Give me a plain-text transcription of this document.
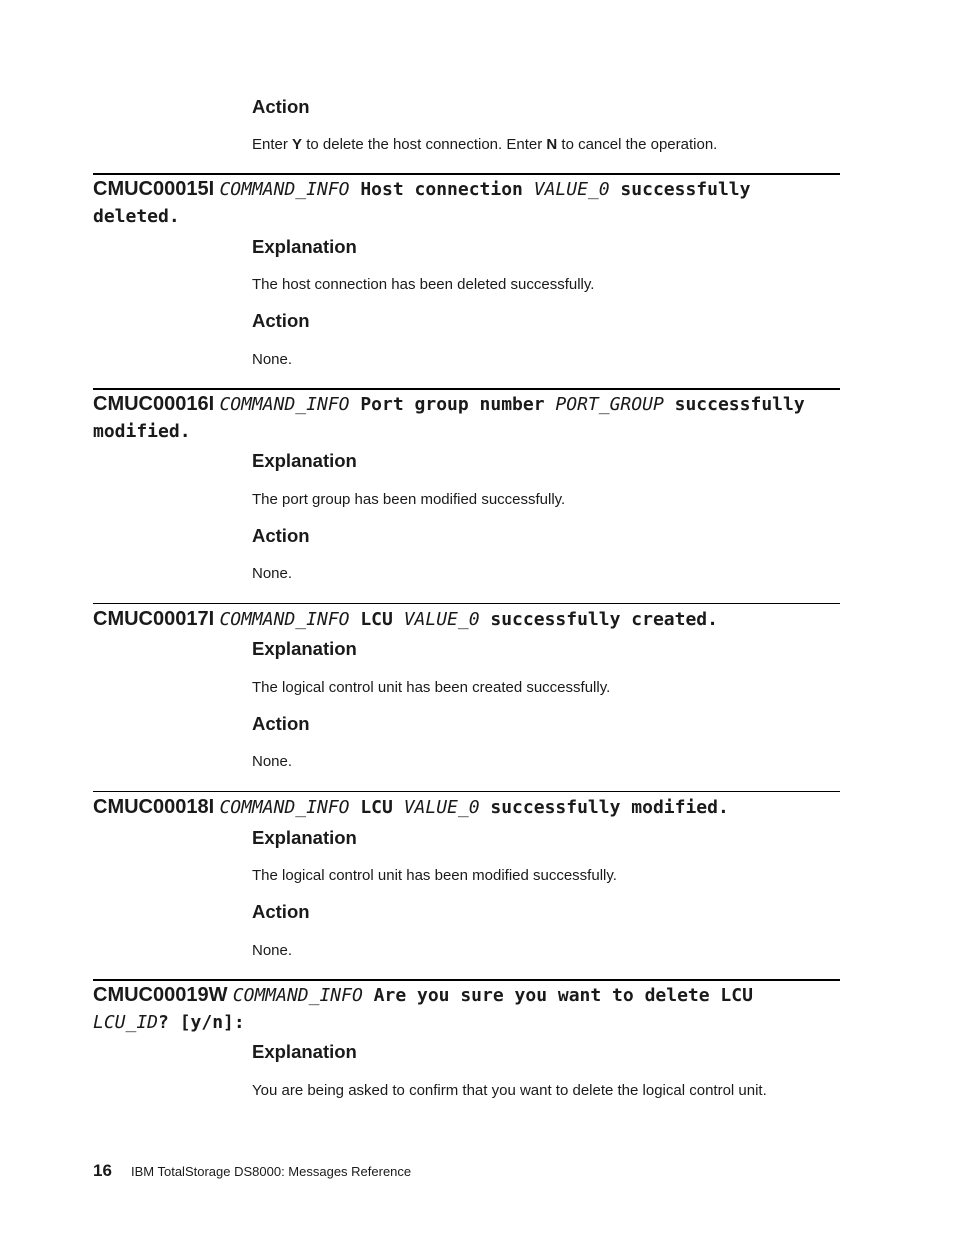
Action
Enter Y to delete the host connection. Enter N to cancel the operation.
CMUC00015I COMMAND_INFO Host connection VALUE_0 successfully
deleted.
Explanation
The host connection has been deleted successfully.
Action
None.
CMUC00016I COMMAND_INFO Port group number PORT_GROUP successfully
modified.
Explanation
The port group has been modified successfully.
Action
None.
CMUC00017I COMMAND_INFO LCU VALUE_0 successfully created.
Explanation
The logical control unit has been created successfully.
Action
None.
CMUC00018I COMMAND_INFO LCU VALUE_0 successfully modified.
Explanation
The logical control unit has been modified successfully.
Action
None.
CMUC00019W COMMAND_INFO Are you sure you want to delete LCU
LCU_ID? [y/n]:
Explanation
You are being asked to confirm that you want to delete the logical control unit.
16 IBM TotalStorage DS8000: Messages Reference
